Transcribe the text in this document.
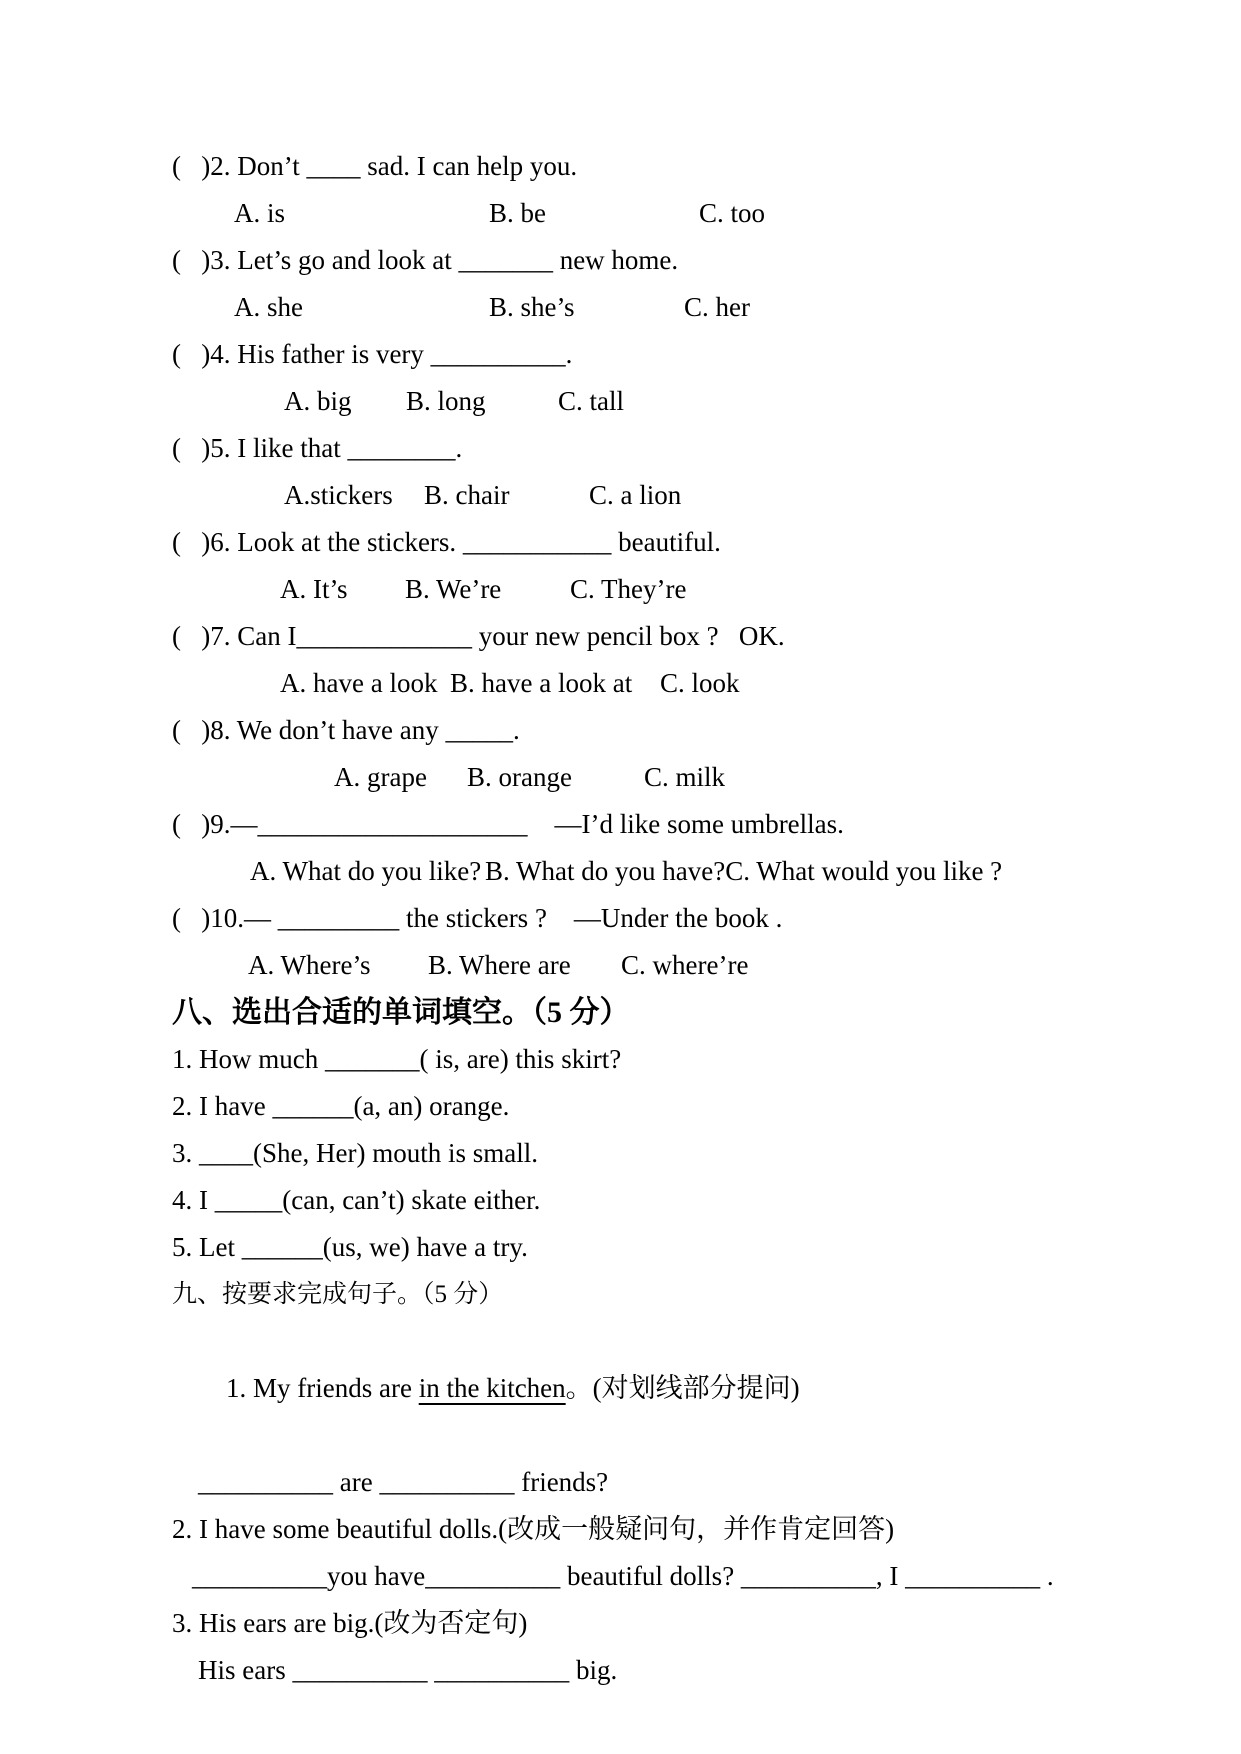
(   )2. Don’t ____ sad. I can help you.
A. is	B. be	C. too
(   )3. Let’s go and look at _______ new home.
A. she	B. she’s	C. her
(   )4. His father is very __________.
A. big	B. long	C. tall
(   )5. I like that ________.
A.stickers	B. chair	C. a lion
(   )6. Look at the stickers. ___________ beautiful.
A. It’s	B. We’re	C. They’re
(   )7. Can I_____________ your new pencil box ?   OK.
A. have a look B. have a look at	C. look
(   )8. We don’t have any _____.
A. grape	B. orange	C. milk
(   )9.—____________________    —I’d like some umbrellas.
A. What do you like? B. What do you have? C. What would you like ?
(   )10.— _________ the stickers ?    —Under the book .
A. Where’s	B. Where are	C. where’re
八、选出合适的单词填空。（5 分）
1. How much _______( is, are) this skirt?
2. I have ______(a, an) orange.
3. ____(She, Her) mouth is small.
4. I _____(can, can’t) skate either.
5. Let ______(us, we) have a try.
九、按要求完成句子。（5 分）

1. My friends are in the kitchen。(对划线部分提问)

__________ are __________ friends?
2. I have some beautiful dolls.(改成一般疑问句，并作肯定回答)
__________you have__________ beautiful dolls? __________, I __________ .
3. His ears are big.(改为否定句)
His ears __________ __________ big.
